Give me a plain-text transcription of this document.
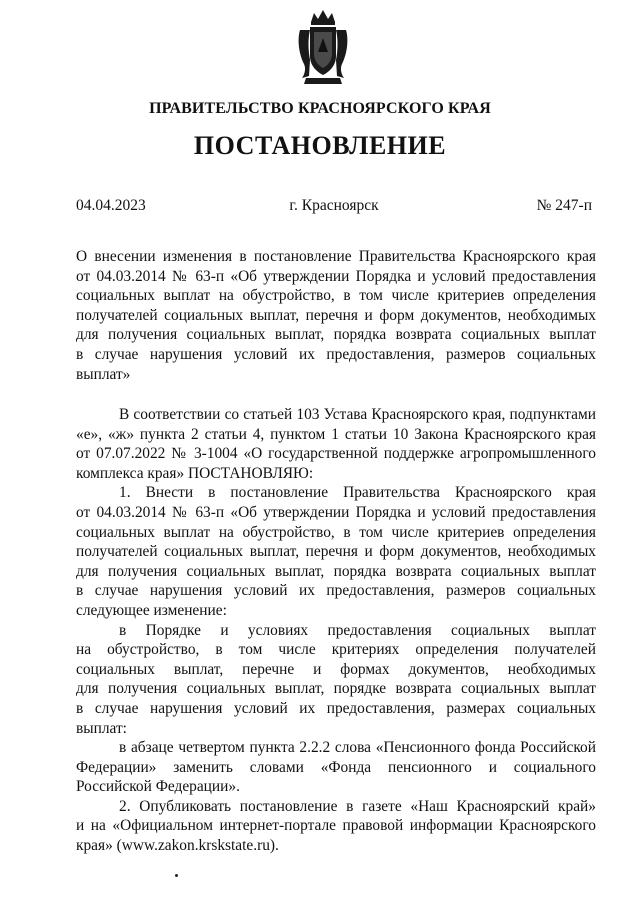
ПРАВИТЕЛЬСТВО КРАСНОЯРСКОГО КРАЯ
ПОСТАНОВЛЕНИЕ
04.04.2023	г. Красноярск	№ 247-п
О внесении изменения в постановление Правительства Красноярского края
от 04.03.2014 № 63-п «Об утверждении Порядка и условий предоставления
социальных выплат на обустройство, в том числе критериев определения
получателей социальных выплат, перечня и форм документов, необходимых
для получения социальных выплат, порядка возврата социальных выплат
в случае нарушения условий их предоставления, размеров социальных
выплат»
В соответствии со статьей 103 Устава Красноярского края, подпунктами
«е», «ж» пункта 2 статьи 4, пунктом 1 статьи 10 Закона Красноярского края
от 07.07.2022 № 3-1004 «О государственной поддержке агропромышленного
комплекса края» ПОСТАНОВЛЯЮ:
1. Внести в постановление Правительства Красноярского края
от 04.03.2014 № 63-п «Об утверждении Порядка и условий предоставления
социальных выплат на обустройство, в том числе критериев определения
получателей социальных выплат, перечня и форм документов, необходимых
для получения социальных выплат, порядка возврата социальных выплат
в случае нарушения условий их предоставления, размеров социальных
следующее изменение:
в Порядке и условиях предоставления социальных выплат
на обустройство, в том числе критериях определения получателей
социальных выплат, перечне и формах документов, необходимых
для получения социальных выплат, порядке возврата социальных выплат
в случае нарушения условий их предоставления, размерах социальных
выплат:
в абзаце четвертом пункта 2.2.2 слова «Пенсионного фонда Российской
Федерации» заменить словами «Фонда пенсионного и социального
Российской Федерации».
2. Опубликовать постановление в газете «Наш Красноярский край»
и на «Официальном интернет-портале правовой информации Красноярского
края» (www.zakon.krskstate.ru).
